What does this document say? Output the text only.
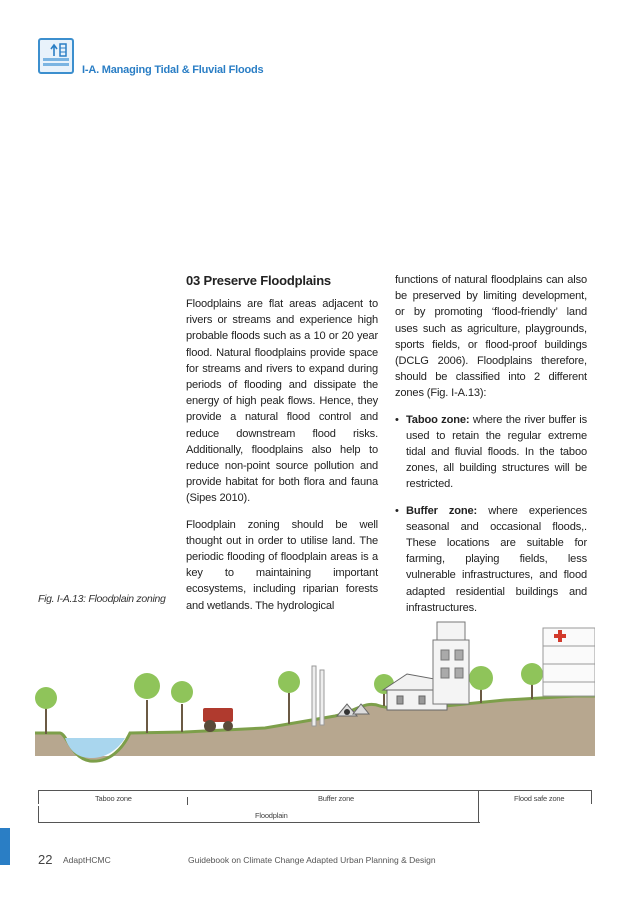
I-A. Managing Tidal & Fluvial Floods
03 Preserve Floodplains

Floodplains are flat areas adjacent to rivers or streams and experience high probable floods such as a 10 or 20 year flood. Natural floodplains provide space for streams and rivers to expand during periods of flooding and dissipate the energy of high peak flows. Hence, they provide a natural flood control and reduce downstream flood risks. Additionally, floodplains also help to reduce non-point source pollution and provide habitat for both flora and fauna (Sipes 2010).

Floodplain zoning should be well thought out in order to utilise land. The periodic flooding of floodplain areas is a key to maintaining important ecosystems, including riparian forests and wetlands. The hydrological

functions of natural floodplains can also be preserved by limiting development, or by promoting ‘flood-friendly’ land uses such as agriculture, playgrounds, sports fields, or flood-proof buildings (DCLG 2006). Floodplains therefore, should be classified into 2 different zones (Fig. I-A.13):

• Taboo zone: where the river buffer is used to retain the regular extreme tidal and fluvial floods. In the taboo zones, all building structures will be restricted.

• Buffer zone: where experiences seasonal and occasional floods,. These locations are suitable for farming, playing fields, less vulnerable infrastructures, and flood adapted residential buildings and infrastructures.

Fig. I-A.13: Floodplain zoning
Taboo zone	Buffer zone	Flood safe zone
Floodplain
22 AdaptHCMC	Guidebook on Climate Change Adapted Urban Planning & Design
